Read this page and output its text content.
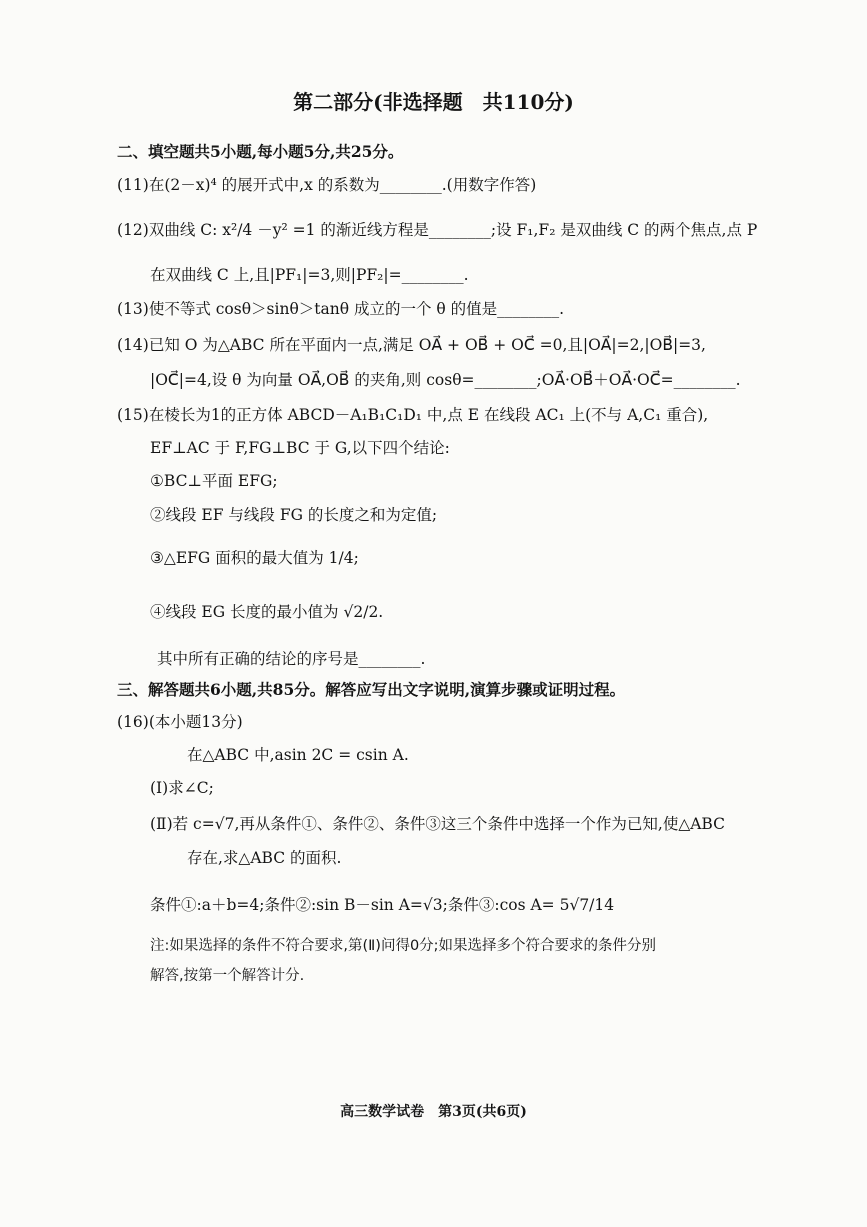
第二部分(非选择题　共110分)
二、填空题共5小题,每小题5分,共25分。
(11)在(2－x)⁴ 的展开式中,x 的系数为________.(用数字作答)
(12)双曲线 C: x²/4 －y² =1 的渐近线方程是________;设 F₁,F₂ 是双曲线 C 的两个焦点,点 P
在双曲线 C 上,且|PF₁|=3,则|PF₂|=________.
(13)使不等式 cosθ＞sinθ＞tanθ 成立的一个 θ 的值是________.
(14)已知 O 为△ABC 所在平面内一点,满足 OA⃗ + OB⃗ + OC⃗ =0,且|OA⃗|=2,|OB⃗|=3,
|OC⃗|=4,设 θ 为向量 OA⃗,OB⃗ 的夹角,则 cosθ=________;OA⃗·OB⃗＋OA⃗·OC⃗=________.
(15)在棱长为1的正方体 ABCD－A₁B₁C₁D₁ 中,点 E 在线段 AC₁ 上(不与 A,C₁ 重合),
EF⊥AC 于 F,FG⊥BC 于 G,以下四个结论:
①BC⊥平面 EFG;
②线段 EF 与线段 FG 的长度之和为定值;
③△EFG 面积的最大值为 1/4;
④线段 EG 长度的最小值为 √2/2.
其中所有正确的结论的序号是________.
三、解答题共6小题,共85分。解答应写出文字说明,演算步骤或证明过程。
(16)(本小题13分)
在△ABC 中,asin 2C = csin A.
(Ⅰ)求∠C;
(Ⅱ)若 c=√7,再从条件①、条件②、条件③这三个条件中选择一个作为已知,使△ABC
存在,求△ABC 的面积.
条件①:a＋b=4;条件②:sin B－sin A=√3;条件③:cos A= 5√7/14
注:如果选择的条件不符合要求,第(Ⅱ)问得0分;如果选择多个符合要求的条件分别
解答,按第一个解答计分.
高三数学试卷　第3页(共6页)
